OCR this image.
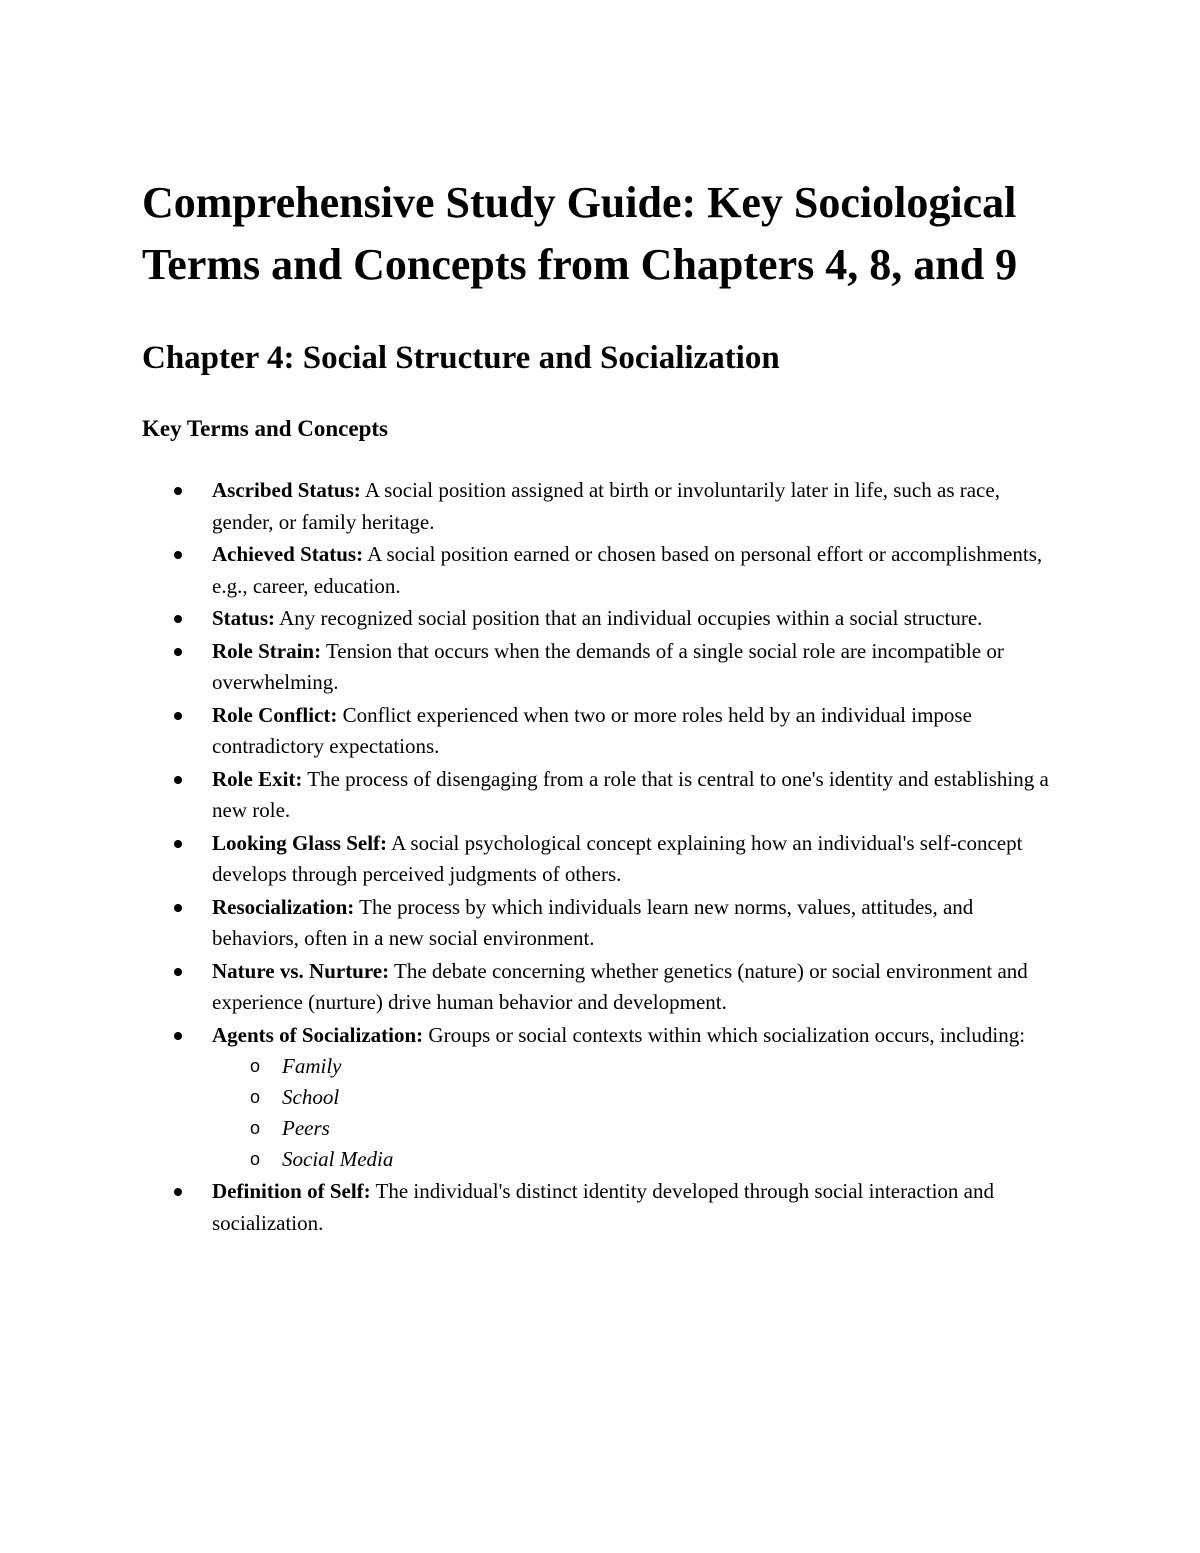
Comprehensive Study Guide: Key Sociological Terms and Concepts from Chapters 4, 8, and 9
Chapter 4: Social Structure and Socialization
Key Terms and Concepts
Ascribed Status: A social position assigned at birth or involuntarily later in life, such as race, gender, or family heritage.
Achieved Status: A social position earned or chosen based on personal effort or accomplishments, e.g., career, education.
Status: Any recognized social position that an individual occupies within a social structure.
Role Strain: Tension that occurs when the demands of a single social role are incompatible or overwhelming.
Role Conflict: Conflict experienced when two or more roles held by an individual impose contradictory expectations.
Role Exit: The process of disengaging from a role that is central to one's identity and establishing a new role.
Looking Glass Self: A social psychological concept explaining how an individual's self-concept develops through perceived judgments of others.
Resocialization: The process by which individuals learn new norms, values, attitudes, and behaviors, often in a new social environment.
Nature vs. Nurture: The debate concerning whether genetics (nature) or social environment and experience (nurture) drive human behavior and development.
Agents of Socialization: Groups or social contexts within which socialization occurs, including:
o Family
o School
o Peers
o Social Media
Definition of Self: The individual's distinct identity developed through social interaction and socialization.
